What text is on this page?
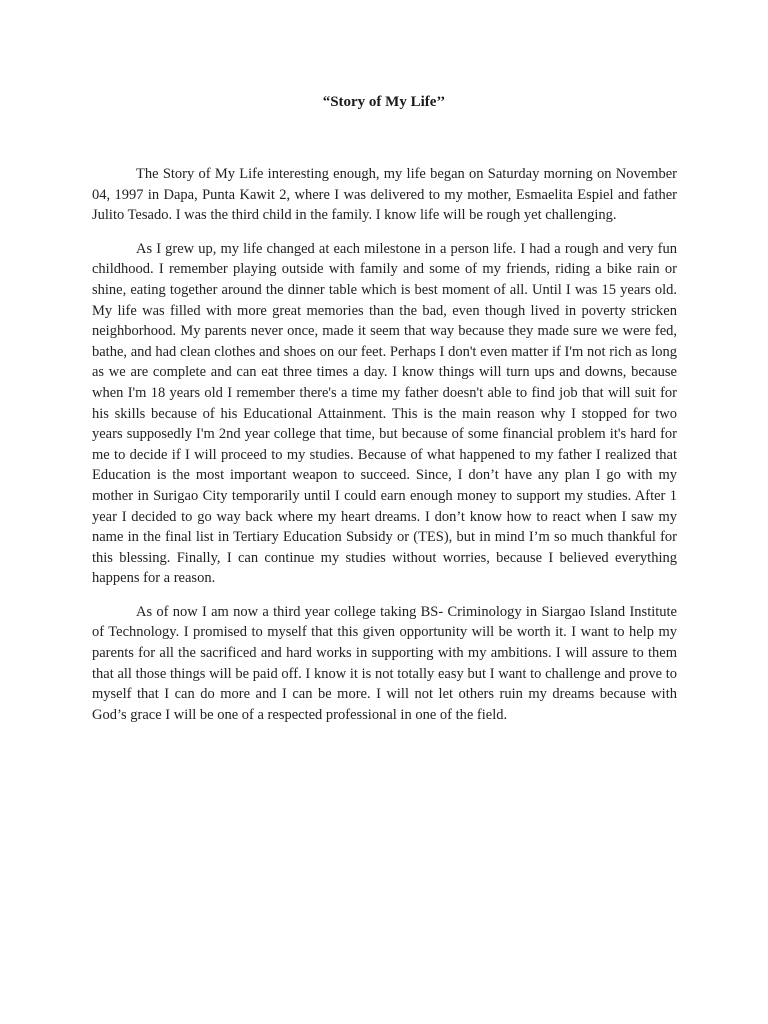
“Story of My Life’’

The Story of My Life interesting enough, my life began on Saturday morning on November 04, 1997 in Dapa, Punta Kawit 2, where I was delivered to my mother, Esmaelita Espiel and father Julito Tesado. I was the third child in the family. I know life will be rough yet challenging.

As I grew up, my life changed at each milestone in a person life. I had a rough and very fun childhood. I remember playing outside with family and some of my friends, riding a bike rain or shine, eating together around the dinner table which is best moment of all. Until I was 15 years old. My life was filled with more great memories than the bad, even though lived in poverty stricken neighborhood. My parents never once, made it seem that way because they made sure we were fed, bathe, and had clean clothes and shoes on our feet. Perhaps I don't even matter if I'm not rich as long as we are complete and can eat three times a day. I know things will turn ups and downs, because when I'm 18 years old I remember there's a time my father doesn't able to find job that will suit for his skills because of his Educational Attainment. This is the main reason why I stopped for two years supposedly I'm 2nd year college that time, but because of some financial problem it's hard for me to decide if I will proceed to my studies. Because of what happened to my father I realized that Education is the most important weapon to succeed. Since, I don’t have any plan I go with my mother in Surigao City temporarily until I could earn enough money to support my studies. After 1 year I decided to go way back where my heart dreams. I don’t know how to react when I saw my name in the final list in Tertiary Education Subsidy or (TES), but in mind I’m so much thankful for this blessing. Finally, I can continue my studies without worries, because I believed everything happens for a reason.

As of now I am now a third year college taking BS- Criminology in Siargao Island Institute of Technology. I promised to myself that this given opportunity will be worth it. I want to help my parents for all the sacrificed and hard works in supporting with my ambitions. I will assure to them that all those things will be paid off. I know it is not totally easy but I want to challenge and prove to myself that I can do more and I can be more. I will not let others ruin my dreams because with God’s grace I will be one of a respected professional in one of the field.
